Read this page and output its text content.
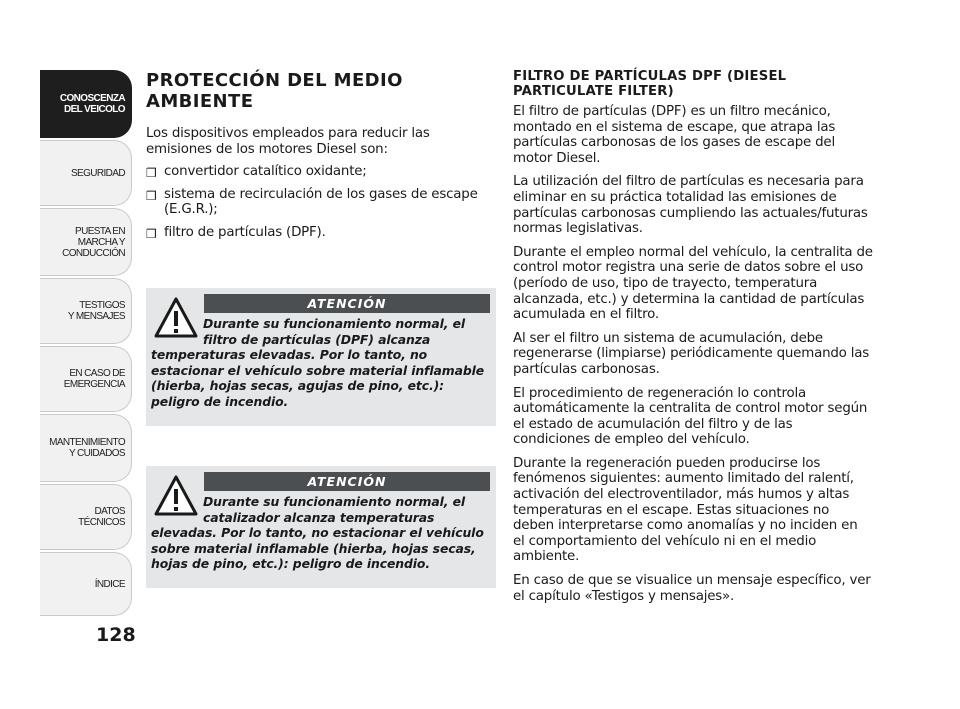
CONOSCENZA
DEL VEICOLO
SEGURIDAD
PUESTA EN
MARCHA Y
CONDUCCIÓN
TESTIGOS
Y MENSAJES
EN CASO DE
EMERGENCIA
MANTENIMIENTO
Y CUIDADOS
DATOS
TÉCNICOS
ÍNDICE
128
PROTECCIÓN DEL MEDIO
AMBIENTE

Los dispositivos empleados para reducir las emisiones de los motores Diesel son:

❒ convertidor catalítico oxidante;
❒ sistema de recirculación de los gases de escape (E.G.R.);
❒ filtro de partículas (DPF).
ATENCIÓN
Durante su funcionamiento normal, el filtro de partículas (DPF) alcanza temperaturas elevadas. Por lo tanto, no estacionar el vehículo sobre material inflamable (hierba, hojas secas, agujas de pino, etc.): peligro de incendio.
ATENCIÓN
Durante su funcionamiento normal, el catalizador alcanza temperaturas elevadas. Por lo tanto, no estacionar el vehículo sobre material inflamable (hierba, hojas secas, hojas de pino, etc.): peligro de incendio.
FILTRO DE PARTÍCULAS DPF (DIESEL
PARTICULATE FILTER)

El filtro de partículas (DPF) es un filtro mecánico, montado en el sistema de escape, que atrapa las partículas carbonosas de los gases de escape del motor Diesel.

La utilización del filtro de partículas es necesaria para eliminar en su práctica totalidad las emisiones de partículas carbonosas cumpliendo las actuales/futuras normas legislativas.

Durante el empleo normal del vehículo, la centralita de control motor registra una serie de datos sobre el uso (período de uso, tipo de trayecto, temperatura alcanzada, etc.) y determina la cantidad de partículas acumulada en el filtro.

Al ser el filtro un sistema de acumulación, debe regenerarse (limpiarse) periódicamente quemando las partículas carbonosas.

El procedimiento de regeneración lo controla automáticamente la centralita de control motor según el estado de acumulación del filtro y de las condiciones de empleo del vehículo.

Durante la regeneración pueden producirse los fenómenos siguientes: aumento limitado del ralentí, activación del electroventilador, más humos y altas temperaturas en el escape. Estas situaciones no deben interpretarse como anomalías y no inciden en el comportamiento del vehículo ni en el medio ambiente.

En caso de que se visualice un mensaje específico, ver el capítulo «Testigos y mensajes».
